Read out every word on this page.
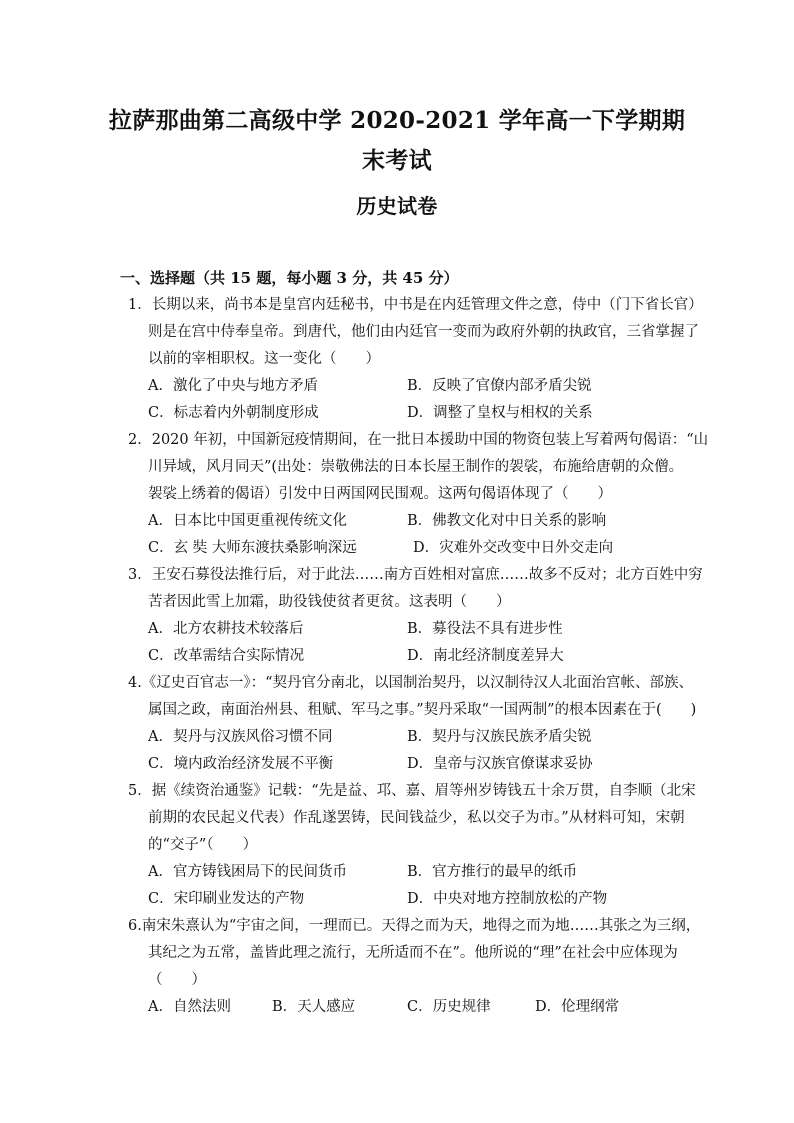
拉萨那曲第二高级中学 2020-2021 学年高一下学期期
末考试
历史试卷
一、选择题（共 15 题，每小题 3 分，共 45 分）
1．长期以来，尚书本是皇宫内廷秘书，中书是在内廷管理文件之意，侍中（门下省长官）
则是在宫中侍奉皇帝。到唐代，他们由内廷官一变而为政府外朝的执政官，三省掌握了
以前的宰相职权。这一变化（　　）
A．激化了中央与地方矛盾	B．反映了官僚内部矛盾尖锐
C．标志着内外朝制度形成	D．调整了皇权与相权的关系
2．2020 年初，中国新冠疫情期间，在一批日本援助中国的物资包装上写着两句偈语：“山
川异域，风月同天”(出处：崇敬佛法的日本长屋王制作的袈裟，布施给唐朝的众僧。
袈裟上绣着的偈语）引发中日两国网民围观。这两句偈语体现了（　　）
A．日本比中国更重视传统文化	B．佛教文化对中日关系的影响
C．玄 奘 大师东渡扶桑影响深远	D．灾难外交改变中日外交走向
3．王安石募役法推行后，对于此法……南方百姓相对富庶……故多不反对；北方百姓中穷
苦者因此雪上加霜，助役钱使贫者更贫。这表明（　　）
A．北方农耕技术较落后	B．募役法不具有进步性
C．改革需结合实际情况	D．南北经济制度差异大
4.《辽史百官志一》：“契丹官分南北，以国制治契丹，以汉制待汉人北面治宫帐、部族、
属国之政，南面治州县、租赋、军马之事。”契丹采取“一国两制”的根本因素在于(　　)
A．契丹与汉族风俗习惯不同	B．契丹与汉族民族矛盾尖锐
C．境内政治经济发展不平衡	D．皇帝与汉族官僚谋求妥协
5．据《续资治通鉴》记载：“先是益、邛、嘉、眉等州岁铸钱五十余万贯，自李顺（北宋
前期的农民起义代表）作乱遂罢铸，民间钱益少，私以交子为市。”从材料可知，宋朝
的“交子”（　　）
A．官方铸钱困局下的民间货币	B．官方推行的最早的纸币
C．宋印刷业发达的产物	D．中央对地方控制放松的产物
6.南宋朱熹认为“宇宙之间，一理而已。天得之而为天，地得之而为地……其张之为三纲，
其纪之为五常，盖皆此理之流行，无所适而不在”。他所说的“理”在社会中应体现为
（　　）
A．自然法则	B．天人感应	C．历史规律	D．伦理纲常
